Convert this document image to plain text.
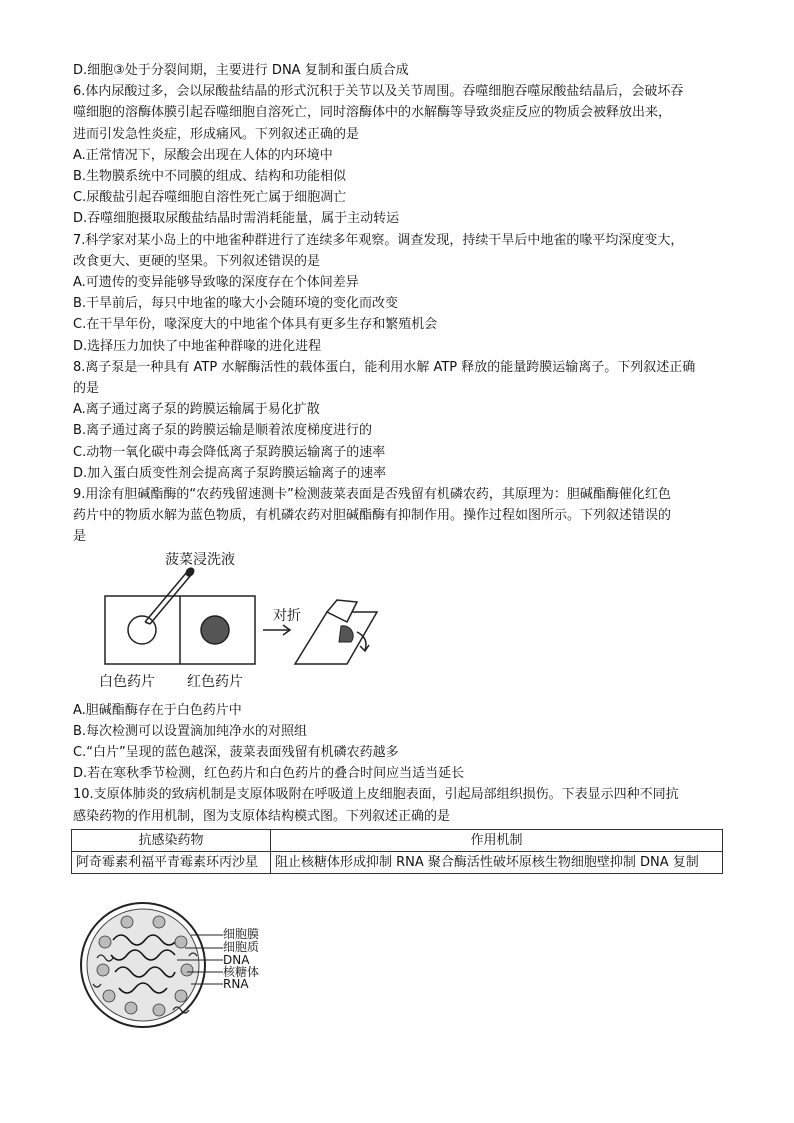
D.细胞③处于分裂间期，主要进行 DNA 复制和蛋白质合成

6.体内尿酸过多，会以尿酸盐结晶的形式沉积于关节以及关节周围。吞噬细胞吞噬尿酸盐结晶后，会破坏吞

噬细胞的溶酶体膜引起吞噬细胞自溶死亡，同时溶酶体中的水解酶等导致炎症反应的物质会被释放出来，

进而引发急性炎症，形成痛风。下列叙述正确的是

A.正常情况下，尿酸会出现在人体的内环境中

B.生物膜系统中不同膜的组成、结构和功能相似

C.尿酸盐引起吞噬细胞自溶性死亡属于细胞凋亡

D.吞噬细胞摄取尿酸盐结晶时需消耗能量，属于主动转运

7.科学家对某小岛上的中地雀种群进行了连续多年观察。调查发现，持续干旱后中地雀的喙平均深度变大，

改食更大、更硬的坚果。下列叙述错误的是

A.可遗传的变异能够导致喙的深度存在个体间差异

B.干旱前后，每只中地雀的喙大小会随环境的变化而改变

C.在干旱年份，喙深度大的中地雀个体具有更多生存和繁殖机会

D.选择压力加快了中地雀种群喙的进化进程

8.离子泵是一种具有 ATP 水解酶活性的载体蛋白，能利用水解 ATP 释放的能量跨膜运输离子。下列叙述正确

的是

A.离子通过离子泵的跨膜运输属于易化扩散

B.离子通过离子泵的跨膜运输是顺着浓度梯度进行的

C.动物一氧化碳中毒会降低离子泵跨膜运输离子的速率

D.加入蛋白质变性剂会提高离子泵跨膜运输离子的速率

9.用涂有胆碱酯酶的“农药残留速测卡”检测菠菜表面是否残留有机磷农药，其原理为：胆碱酯酶催化红色

药片中的物质水解为蓝色物质，有机磷农药对胆碱酯酶有抑制作用。操作过程如图所示。下列叙述错误的

是

菠菜浸洗液
对折
白色药片 红色药片

A.胆碱酯酶存在于白色药片中

B.每次检测可以设置滴加纯净水的对照组

C.“白片”呈现的蓝色越深，菠菜表面残留有机磷农药越多

D.若在寒秋季节检测，红色药片和白色药片的叠合时间应当适当延长

10.支原体肺炎的致病机制是支原体吸附在呼吸道上皮细胞表面，引起局部组织损伤。下表显示四种不同抗

感染药物的作用机制，图为支原体结构模式图。下列叙述正确的是

抗感染药物	作用机制
阿奇霉素利福平青霉素环丙沙星	阻止核糖体形成抑制 RNA 聚合酶活性破坏原核生物细胞壁抑制 DNA 复制
细胞膜
细胞质
DNA
核糖体
RNA
